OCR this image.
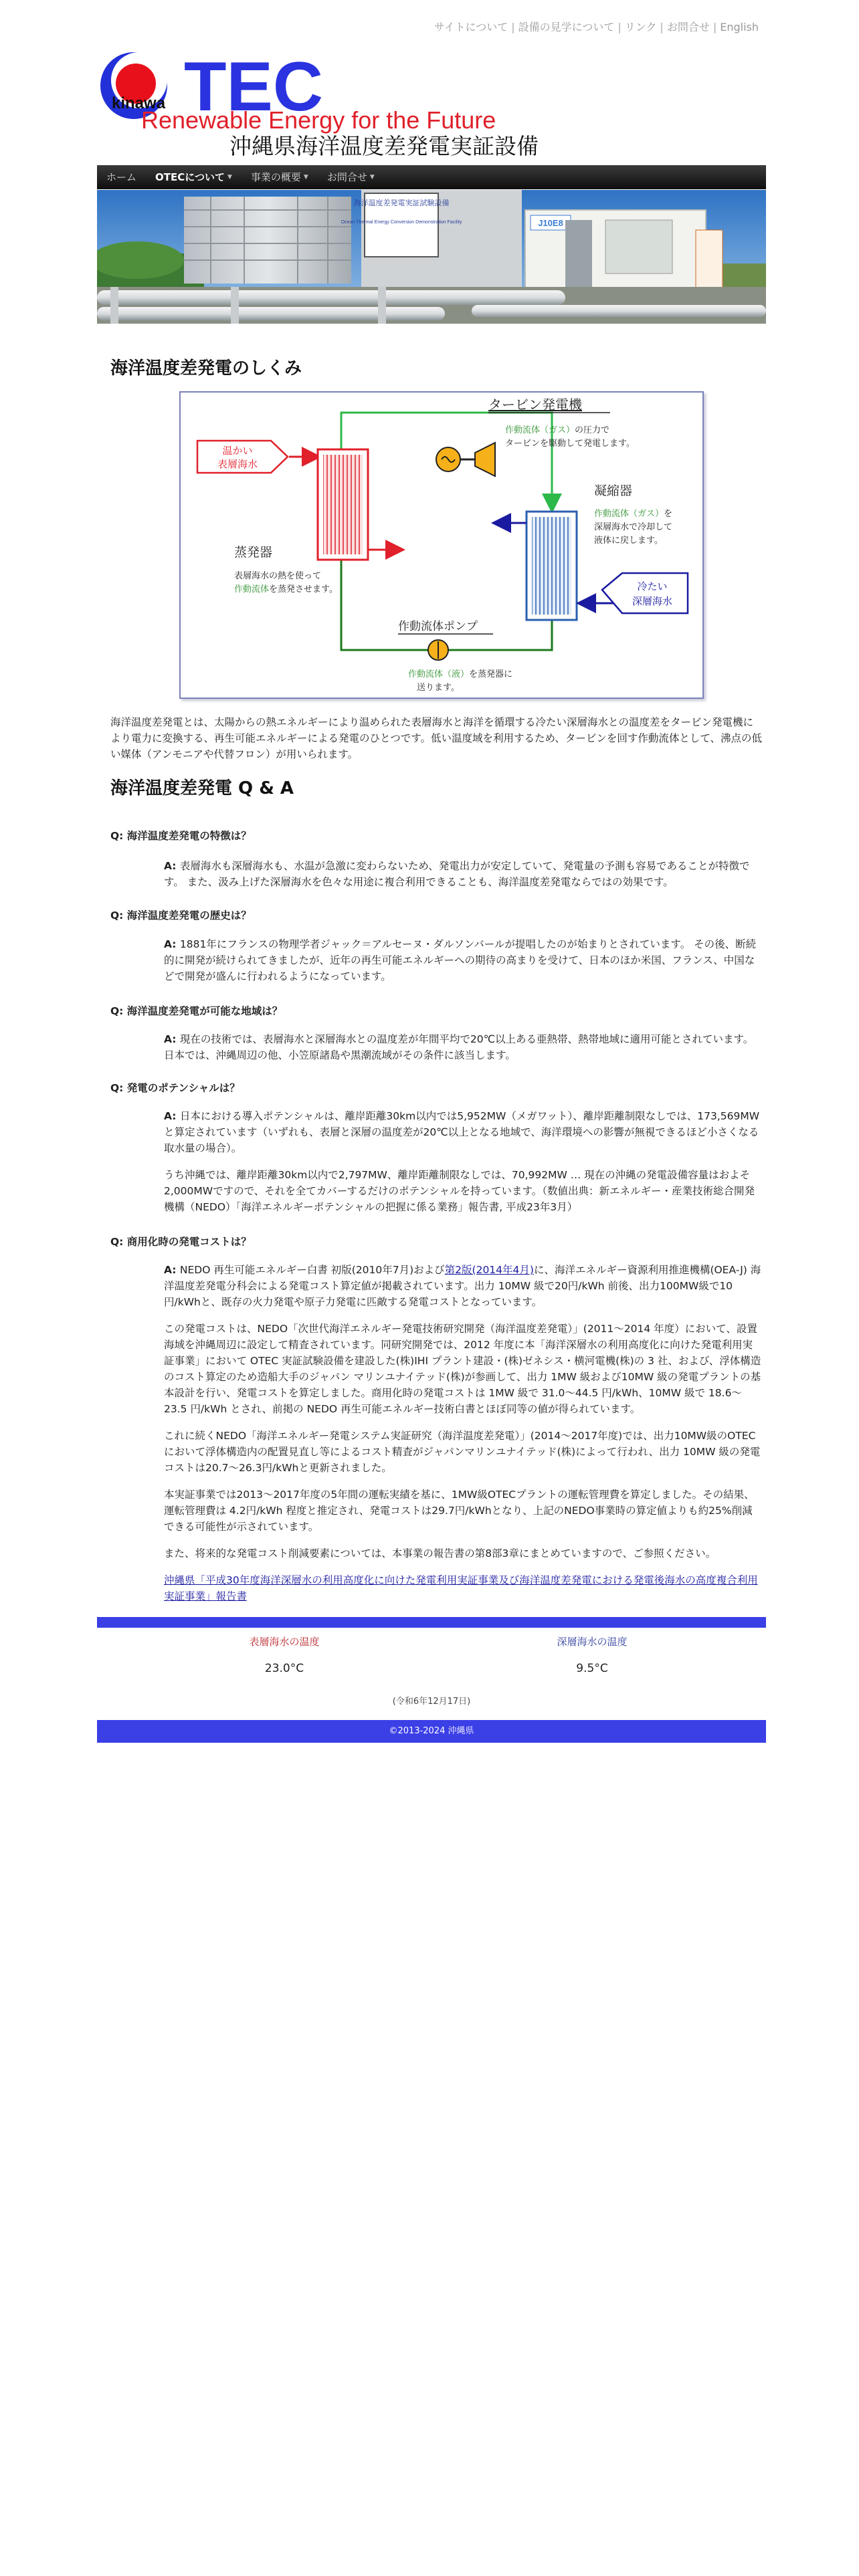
サイトについて | 設備の見学について | リンク | お問合せ | English
TEC
kinawa
Renewable Energy for the Future
沖縄県海洋温度差発電実証設備
ホーム	OTECについて ▼	事業の概要 ▼	お問合せ ▼
海洋温度差発電実証試験設備
Ocean Thermal Energy Conversion Demonstration Facility	J10E8
海洋温度差発電のしくみ
温かい
表層海水
蒸発器
表層海水の熱を使って
作動流体を蒸発させます。
タービン発電機
作動流体（ガス）の圧力で
タービンを駆動して発電します。
凝縮器
作動流体（ガス）を
深層海水で冷却して
液体に戻します。
冷たい
深層海水
作動流体ポンプ
作動流体（液）を蒸発器に
送ります。
海洋温度差発電とは、太陽からの熱エネルギーにより温められた表層海水と海洋を循環する冷たい深層海水との温度差をタービン発電機により電力に変換する、再生可能エネルギーによる発電のひとつです。低い温度域を利用するため、タービンを回す作動流体として、沸点の低い媒体（アンモニアや代替フロン）が用いられます。
海洋温度差発電 Q & A
Q: 海洋温度差発電の特徴は？

A: 表層海水も深層海水も、水温が急激に変わらないため、発電出力が安定していて、発電量の予測も容易であることが特徴です。 また、汲み上げた深層海水を色々な用途に複合利用できることも、海洋温度差発電ならではの効果です。

Q: 海洋温度差発電の歴史は？

A: 1881年にフランスの物理学者ジャック＝アルセーヌ・ダルソンバールが提唱したのが始まりとされています。 その後、断続的に開発が続けられてきましたが、近年の再生可能エネルギーへの期待の高まりを受けて、日本のほか米国、フランス、中国などで開発が盛んに行われるようになっています。

Q: 海洋温度差発電が可能な地域は？

A: 現在の技術では、表層海水と深層海水との温度差が年間平均で20℃以上ある亜熱帯、熱帯地域に適用可能とされています。日本では、沖縄周辺の他、小笠原諸島や黒潮流域がその条件に該当します。

Q: 発電のポテンシャルは？

A: 日本における導入ポテンシャルは、離岸距離30km以内では5,952MW（メガワット）、離岸距離制限なしでは、173,569MWと算定されています（いずれも、表層と深層の温度差が20℃以上となる地域で、海洋環境への影響が無視できるほど小さくなる取水量の場合）。

うち沖縄では、離岸距離30km以内で2,797MW、離岸距離制限なしでは、70,992MW … 現在の沖縄の発電設備容量はおよそ2,000MWですので、それを全てカバーするだけのポテンシャルを持っています。（数値出典：新エネルギー・産業技術総合開発機構（NEDO）「海洋エネルギーポテンシャルの把握に係る業務」報告書, 平成23年3月）

Q: 商用化時の発電コストは？

A: NEDO 再生可能エネルギー白書 初版(2010年7月)および第2版(2014年4月)に、海洋エネルギー資源利用推進機構(OEA-J) 海洋温度差発電分科会による発電コスト算定値が掲載されています。出力 10MW 級で20円/kWh 前後、出力100MW級で10円/kWhと、既存の火力発電や原子力発電に匹敵する発電コストとなっています。

この発電コストは、NEDO「次世代海洋エネルギー発電技術研究開発（海洋温度差発電）」(2011〜2014 年度）において、設置海域を沖縄周辺に設定して精査されています。同研究開発では、2012 年度に本「海洋深層水の利用高度化に向けた発電利用実証事業」において OTEC 実証試験設備を建設した(株)IHI プラント建設・(株)ゼネシス・横河電機(株)の 3 社、および、浮体構造のコスト算定のため造船大手のジャパン マリンユナイテッド(株)が参画して、出力 1MW 級および10MW 級の発電プラントの基本設計を行い、発電コストを算定しました。商用化時の発電コストは 1MW 級で 31.0〜44.5 円/kWh、10MW 級で 18.6〜23.5 円/kWh とされ、前掲の NEDO 再生可能エネルギー技術白書とほぼ同等の値が得られています。

これに続くNEDO「海洋エネルギー発電システム実証研究（海洋温度差発電）」(2014〜2017年度)では、出力10MW級のOTECにおいて浮体構造内の配置見直し等によるコスト精査がジャパンマリンユナイテッド(株)によって行われ、出力 10MW 級の発電コストは20.7〜26.3円/kWhと更新されました。

本実証事業では2013〜2017年度の5年間の運転実績を基に、1MW級OTECプラントの運転管理費を算定しました。その結果、運転管理費は 4.2円/kWh 程度と推定され、発電コストは29.7円/kWhとなり、上記のNEDO事業時の算定値よりも約25%削減できる可能性が示されています。

また、将来的な発電コスト削減要素については、本事業の報告書の第8部3章にまとめていますので、ご参照ください。

沖縄県「平成30年度海洋深層水の利用高度化に向けた発電利用実証事業及び海洋温度差発電における発電後海水の高度複合利用実証事業」報告書

表層海水の温度
23.0°C
深層海水の温度
9.5°C
(令和6年12月17日)
©2013-2024 沖縄県
